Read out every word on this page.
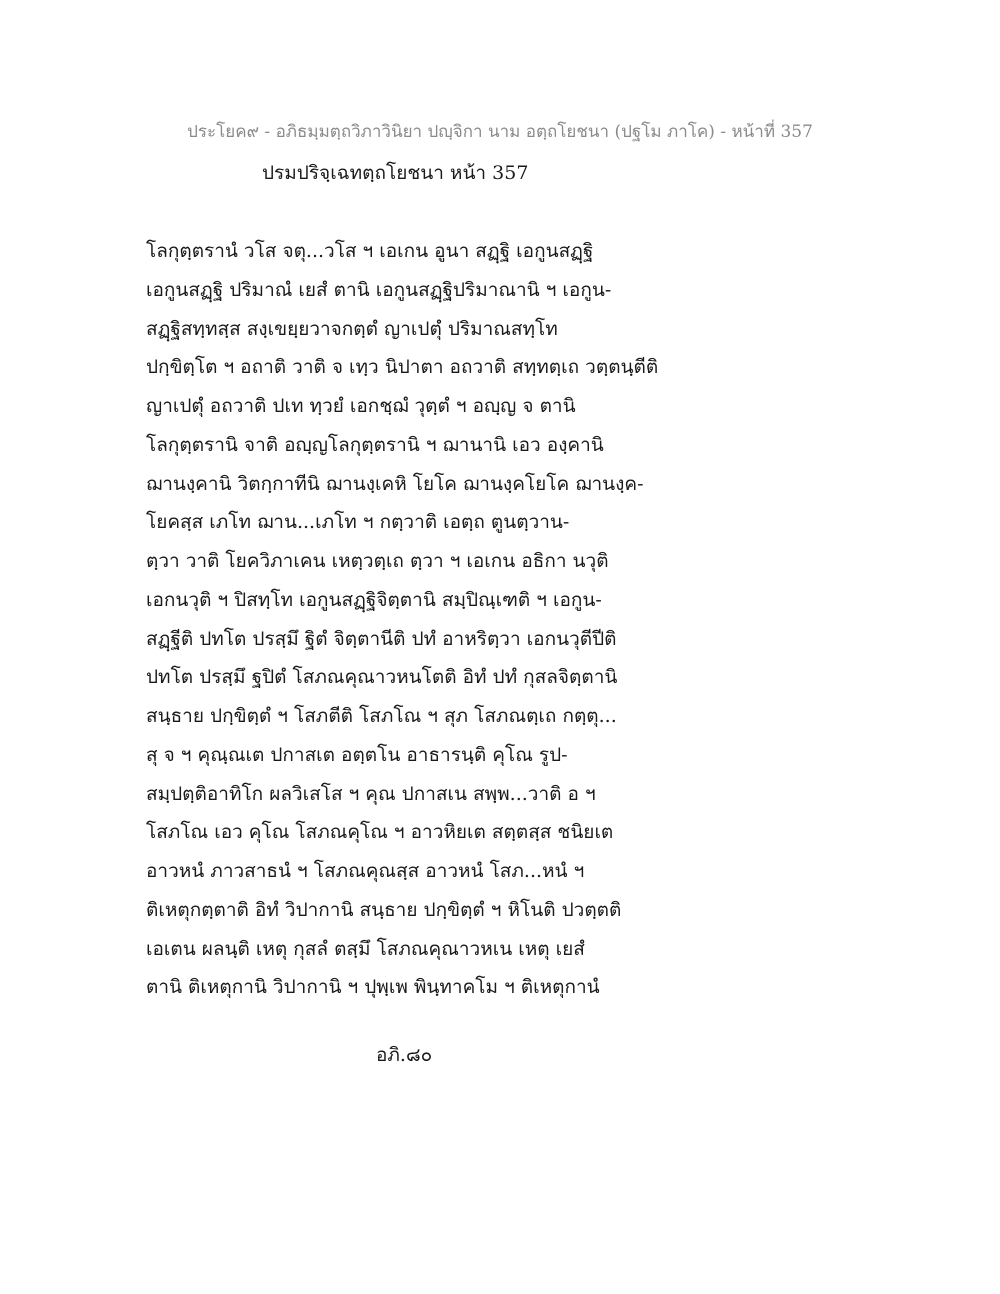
ประโยค๙ - อภิธมฺมตฺถวิภาวินิยา ปญฺจิกา นาม อตฺถโยชนา (ปฐโม ภาโค) - หน้าที่ 357
ปรมปริจฺเฉทตฺถโยชนา หน้า 357
โลกุตฺตรานํ วโส จตุ...วโส ฯ เอเกน อูนา สฏฺฐิ เอกูนสฏฺฐิ
เอกูนสฏฺฐิ ปริมาณํ เยสํ ตานิ เอกูนสฏฺฐิปริมาณานิ ฯ เอกูน-
สฏฺฐิสทฺทสฺส สงฺเขยฺยวาจกตฺตํ ญาเปตุํ ปริมาณสทฺโท
ปกฺขิตฺโต ฯ อถาติ วาติ จ เทฺว นิปาตา อถวาติ สทฺทตฺเถ วตฺตนฺตีติ
ญาเปตุํ อถวาติ ปเท ทฺวยํ เอกชฺฌํ วุตฺตํ ฯ อญฺญ จ ตานิ
โลกุตฺตรานิ จาติ อญฺญโลกุตฺตรานิ ฯ ฌานานิ เอว องฺคานิ
ฌานงฺคานิ วิตกฺกาทีนิ ฌานงฺเคหิ โยโค ฌานงฺคโยโค ฌานงฺค-
โยคสฺส เภโท ฌาน...เภโท ฯ กตฺวาติ เอตฺถ ตูนตฺวาน-
ตฺวา วาติ โยควิภาเคน เหตฺวตฺเถ ตฺวา ฯ เอเกน อธิกา นวุติ
เอกนวุติ ฯ ปิสทฺโท เอกูนสฏฺฐิจิตฺตานิ สมฺปิณฺเฑติ ฯ เอกูน-
สฏฺฐีติ ปทโต ปรสฺมึ ฐิตํ จิตฺตานีติ ปทํ อาหริตฺวา เอกนวุตีปีติ
ปทโต ปรสฺมึ ฐปิตํ โสภณคุณาวหนโตติ อิทํ ปทํ กุสลจิตฺตานิ
สนฺธาย ปกฺขิตฺตํ ฯ โสภตีติ โสภโณ ฯ สุภ โสภณตฺเถ กตฺตุ...
สุ จ ฯ คุณฺณเต ปกาสเต อตฺตโน อาธารนฺติ คุโณ รูป-
สมฺปตฺติอาทิโก ผลวิเสโส ฯ คุณ ปกาสเน สพฺพ...วาติ อ ฯ
โสภโณ เอว คุโณ โสภณคุโณ ฯ อาวหิยเต สตฺตสฺส ชนิยเต
อาวหนํ ภาวสาธนํ ฯ โสภณคุณสฺส อาวหนํ โสภ...หนํ ฯ
ติเหตุกตฺตาติ อิทํ วิปากานิ สนฺธาย ปกฺขิตฺตํ ฯ หิโนติ ปวตฺตติ
เอเตน ผลนฺติ เหตุ กุสลํ ตสฺมึ โสภณคุณาวหเน เหตุ เยสํ
ตานิ ติเหตุกานิ วิปากานิ ฯ ปุพฺเพ พินฺทาคโม ฯ ติเหตุกานํ
อภิ.๘๐
